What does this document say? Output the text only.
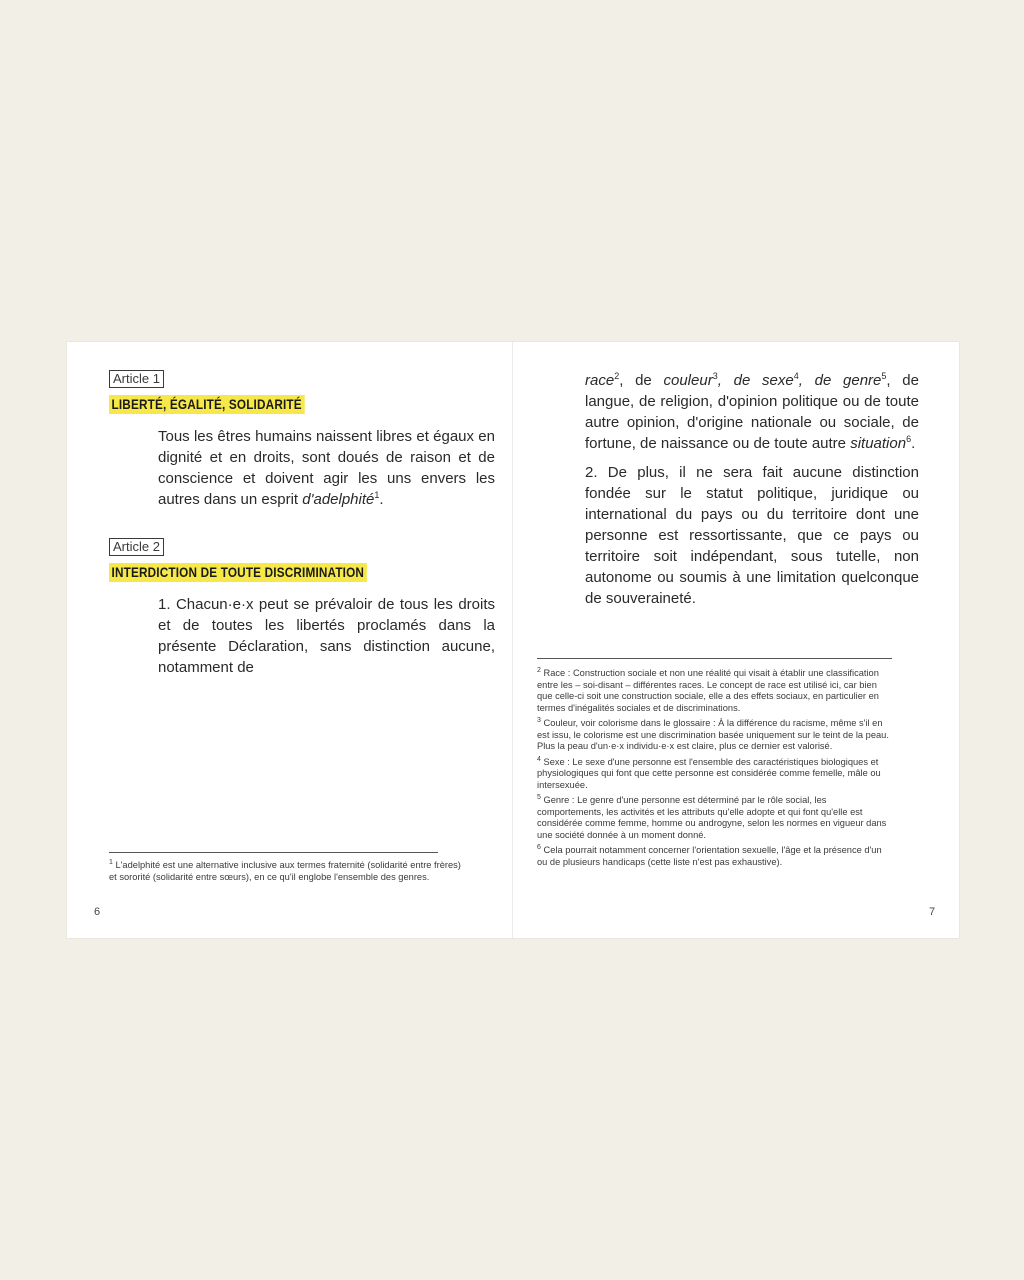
Article 1
LIBERTÉ, ÉGALITÉ, SOLIDARITÉ

Tous les êtres humains naissent libres et égaux en dignité et en droits, sont doués de raison et de conscience et doivent agir les uns envers les autres dans un esprit d'adelphité$^1$.

Article 2
INTERDICTION DE TOUTE DISCRIMINATION

1. Chacun·e·x peut se prévaloir de tous les droits et de toutes les libertés proclamés dans la présente Déclaration, sans distinction aucune, notamment de

$^1$ L'adelphité est une alternative inclusive aux termes fraternité (solidarité entre frères) et sororité (solidarité entre sœurs), en ce qu'il englobe l'ensemble des genres.

6

race$^2$, de couleur$^3$, de sexe$^4$, de genre$^5$, de langue, de religion, d'opinion politique ou de toute autre opinion, d'origine nationale ou sociale, de fortune, de naissance ou de toute autre situation$^6$.

2. De plus, il ne sera fait aucune distinction fondée sur le statut politique, juridique ou international du pays ou du territoire dont une personne est ressortissante, que ce pays ou territoire soit indépendant, sous tutelle, non autonome ou soumis à une limitation quelconque de souveraineté.

$^2$ Race : Construction sociale et non une réalité qui visait à établir une classification entre les – soi-disant – différentes races. Le concept de race est utilisé ici, car bien que celle-ci soit une construction sociale, elle a des effets sociaux, en particulier en termes d'inégalités sociales et de discriminations.

$^3$ Couleur, voir colorisme dans le glossaire : À la différence du racisme, même s'il en est issu, le colorisme est une discrimination basée uniquement sur le teint de la peau. Plus la peau d'un·e·x individu·e·x est claire, plus ce dernier est valorisé.

$^4$ Sexe : Le sexe d'une personne est l'ensemble des caractéristiques biologiques et physiologiques qui font que cette personne est considérée comme femelle, mâle ou intersexuée.

$^5$ Genre : Le genre d'une personne est déterminé par le rôle social, les comportements, les activités et les attributs qu'elle adopte et qui font qu'elle est considérée comme femme, homme ou androgyne, selon les normes en vigueur dans une société donnée à un moment donné.

$^6$ Cela pourrait notamment concerner l'orientation sexuelle, l'âge et la présence d'un ou de plusieurs handicaps (cette liste n'est pas exhaustive).

7
